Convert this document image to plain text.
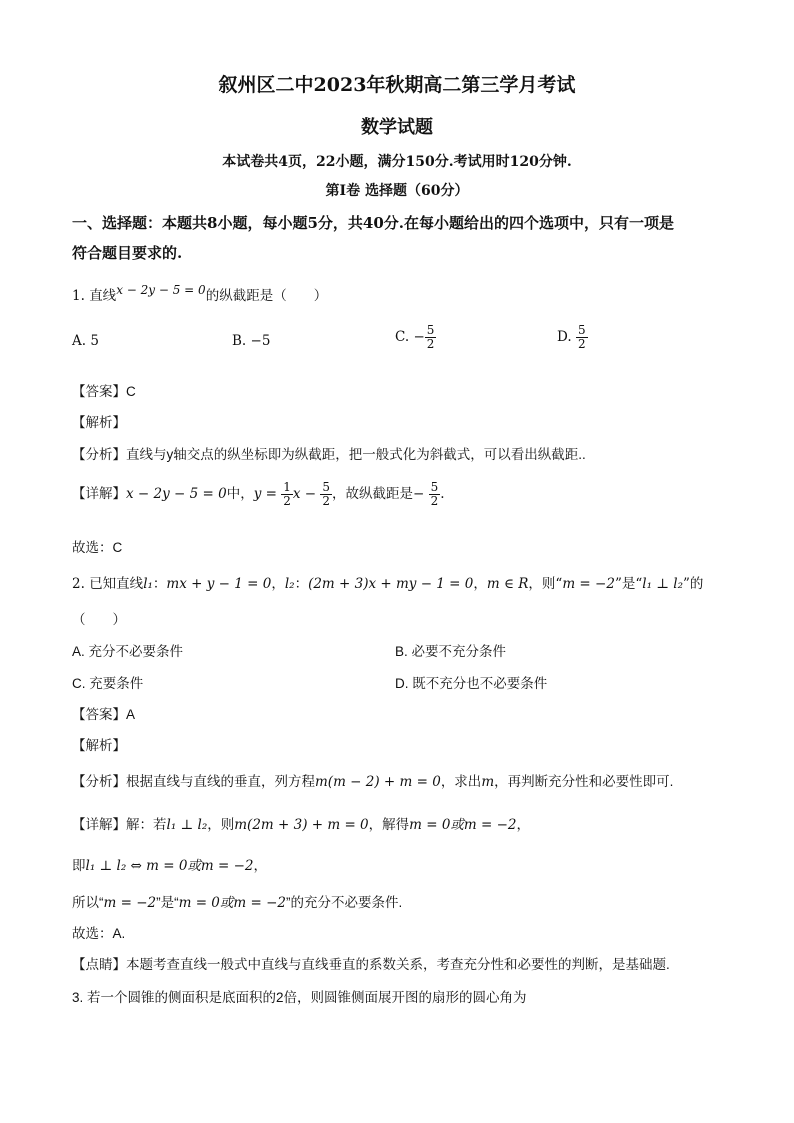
叙州区二中2023年秋期高二第三学月考试
数学试题
本试卷共4页，22小题，满分150分.考试用时120分钟.
第I卷 选择题（60分）
一、选择题：本题共8小题，每小题5分，共40分.在每小题给出的四个选项中，只有一项是
符合题目要求的.
1. 直线x − 2y − 5 = 0的纵截距是（　　）
A. 5	B. −5	C. − $\frac{5}{2}$	D. $\frac{5}{2}$
【答案】C
【解析】
【分析】直线与y轴交点的纵坐标即为纵截距，把一般式化为斜截式，可以看出纵截距..
【详解】x − 2y − 5 = 0中，$y = \frac{1}{2}$ $x - \frac{5}{2}$ ，故纵截距是− $\frac{5}{2}$ .
故选：C
2. 已知直线l₁：mx + y − 1 = 0，l₂：(2m + 3)x + my − 1 = 0，m ∈ R，则“m = −2”是“l₁ ⊥ l₂”的
（　　）
A. 充分不必要条件	B. 必要不充分条件
C. 充要条件	D. 既不充分也不必要条件
【答案】A
【解析】
【分析】根据直线与直线的垂直，列方程m(m − 2) + m = 0，求出m，再判断充分性和必要性即可.
【详解】解：若l₁ ⊥ l₂，则m(2m + 3) + m = 0，解得m = 0或m = −2，
即l₁ ⊥ l₂ ⇔ m = 0或m = −2，
所以“m = −2”是“m = 0或m = −2”的充分不必要条件.
故选：A.
【点睛】本题考查直线一般式中直线与直线垂直的系数关系，考查充分性和必要性的判断，是基础题.
3. 若一个圆锥的侧面积是底面积的2倍，则圆锥侧面展开图的扇形的圆心角为
